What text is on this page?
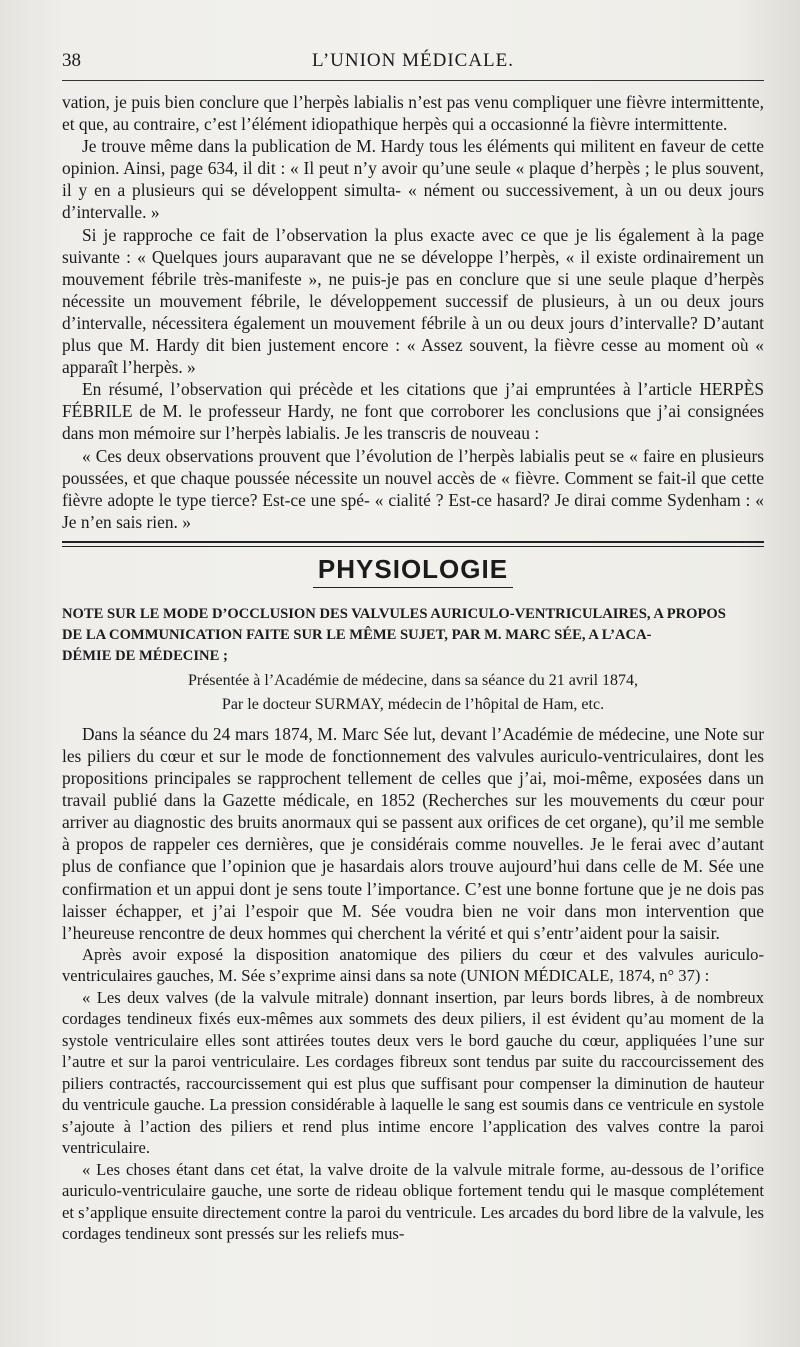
38	L’UNION MÉDICALE.

vation, je puis bien conclure que l’herpès labialis n’est pas venu compliquer une fièvre intermittente, et que, au contraire, c’est l’élément idiopathique herpès qui a occasionné la fièvre intermittente.

Je trouve même dans la publication de M. Hardy tous les éléments qui militent en faveur de cette opinion. Ainsi, page 634, il dit : « Il peut n’y avoir qu’une seule « plaque d’herpès ; le plus souvent, il y en a plusieurs qui se développent simulta- « nément ou successivement, à un ou deux jours d’intervalle. »

Si je rapproche ce fait de l’observation la plus exacte avec ce que je lis également à la page suivante : « Quelques jours auparavant que ne se développe l’herpès, « il existe ordinairement un mouvement fébrile très-manifeste », ne puis-je pas en conclure que si une seule plaque d’herpès nécessite un mouvement fébrile, le développement successif de plusieurs, à un ou deux jours d’intervalle, nécessitera également un mouvement fébrile à un ou deux jours d’intervalle? D’autant plus que M. Hardy dit bien justement encore : « Assez souvent, la fièvre cesse au moment où « apparaît l’herpès. »

En résumé, l’observation qui précède et les citations que j’ai empruntées à l’article HERPÈS FÉBRILE de M. le professeur Hardy, ne font que corroborer les conclusions que j’ai consignées dans mon mémoire sur l’herpès labialis. Je les transcris de nouveau :

« Ces deux observations prouvent que l’évolution de l’herpès labialis peut se « faire en plusieurs poussées, et que chaque poussée nécessite un nouvel accès de « fièvre. Comment se fait-il que cette fièvre adopte le type tierce? Est-ce une spé- « cialité ? Est-ce hasard? Je dirai comme Sydenham : « Je n’en sais rien. »

PHYSIOLOGIE
NOTE SUR LE MODE D’OCCLUSION DES VALVULES AURICULO-VENTRICULAIRES, A PROPOS
DE LA COMMUNICATION FAITE SUR LE MÊME SUJET, PAR M. MARC SÉE, A L’ACA-
DÉMIE DE MÉDECINE ;
Présentée à l’Académie de médecine, dans sa séance du 21 avril 1874,
Par le docteur SURMAY, médecin de l’hôpital de Ham, etc.

Dans la séance du 24 mars 1874, M. Marc Sée lut, devant l’Académie de médecine, une Note sur les piliers du cœur et sur le mode de fonctionnement des valvules auriculo-ventriculaires, dont les propositions principales se rapprochent tellement de celles que j’ai, moi-même, exposées dans un travail publié dans la Gazette médicale, en 1852 (Recherches sur les mouvements du cœur pour arriver au diagnostic des bruits anormaux qui se passent aux orifices de cet organe), qu’il me semble à propos de rappeler ces dernières, que je considérais comme nouvelles. Je le ferai avec d’autant plus de confiance que l’opinion que je hasardais alors trouve aujourd’hui dans celle de M. Sée une confirmation et un appui dont je sens toute l’importance. C’est une bonne fortune que je ne dois pas laisser échapper, et j’ai l’espoir que M. Sée voudra bien ne voir dans mon intervention que l’heureuse rencontre de deux hommes qui cherchent la vérité et qui s’entr’aident pour la saisir.

Après avoir exposé la disposition anatomique des piliers du cœur et des valvules auriculo-ventriculaires gauches, M. Sée s’exprime ainsi dans sa note (UNION MÉDICALE, 1874, n° 37) :

« Les deux valves (de la valvule mitrale) donnant insertion, par leurs bords libres, à de nombreux cordages tendineux fixés eux-mêmes aux sommets des deux piliers, il est évident qu’au moment de la systole ventriculaire elles sont attirées toutes deux vers le bord gauche du cœur, appliquées l’une sur l’autre et sur la paroi ventriculaire. Les cordages fibreux sont tendus par suite du raccourcissement des piliers contractés, raccourcissement qui est plus que suffisant pour compenser la diminution de hauteur du ventricule gauche. La pression considérable à laquelle le sang est soumis dans ce ventricule en systole s’ajoute à l’action des piliers et rend plus intime encore l’application des valves contre la paroi ventriculaire.

« Les choses étant dans cet état, la valve droite de la valvule mitrale forme, au-dessous de l’orifice auriculo-ventriculaire gauche, une sorte de rideau oblique fortement tendu qui le masque complétement et s’applique ensuite directement contre la paroi du ventricule. Les arcades du bord libre de la valvule, les cordages tendineux sont pressés sur les reliefs mus-
